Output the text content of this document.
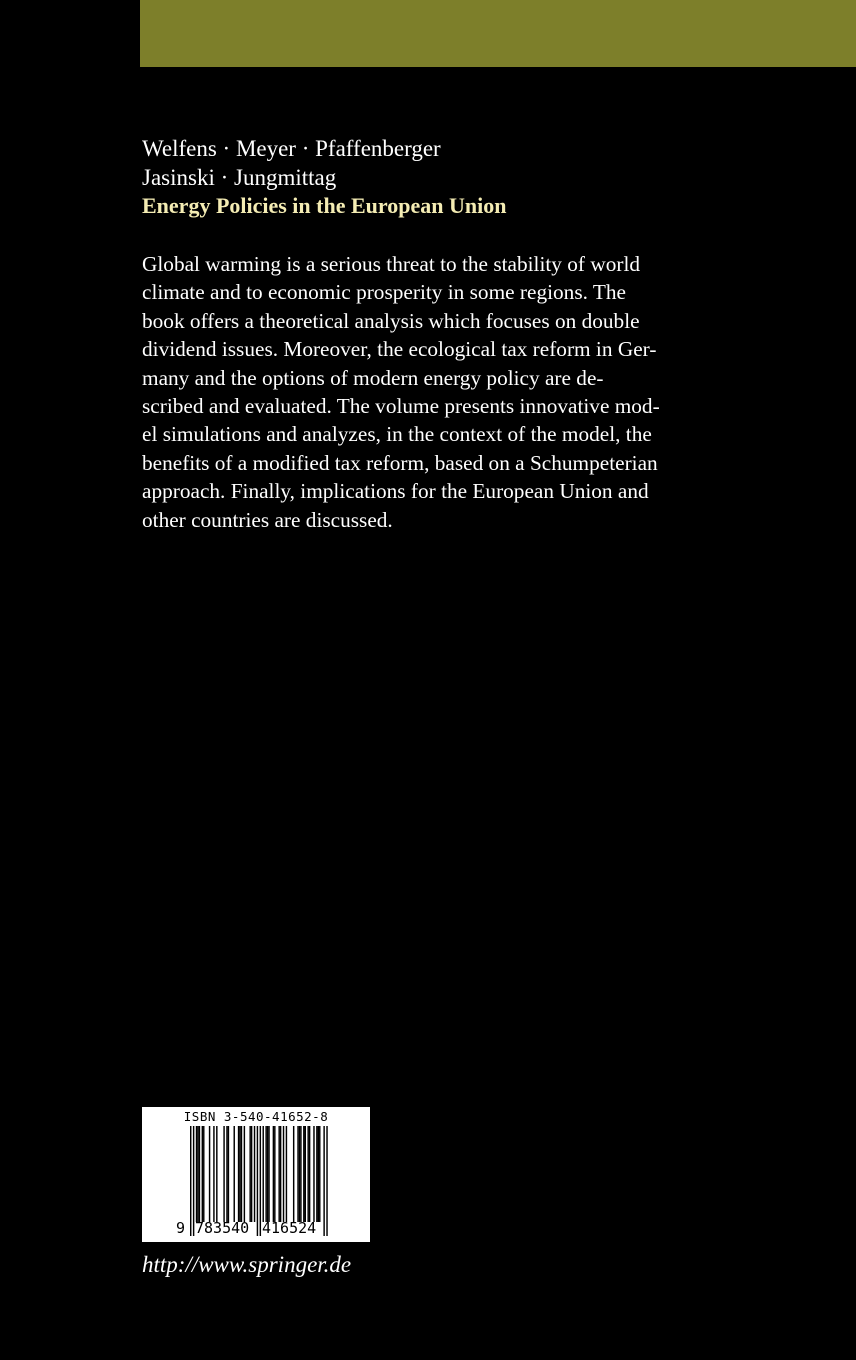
Welfens · Meyer · Pfaffenberger
Jasinski · Jungmittag
Energy Policies in the European Union
Global warming is a serious threat to the stability of world
climate and to economic prosperity in some regions. The
book offers a theoretical analysis which focuses on double
dividend issues. Moreover, the ecological tax reform in Ger-
many and the options of modern energy policy are de-
scribed and evaluated. The volume presents innovative mod-
el simulations and analyzes, in the context of the model, the
benefits of a modified tax reform, based on a Schumpeterian
approach. Finally, implications for the European Union and
other countries are discussed.
ISBN 3-540-41652-8
9 783540 416524
http://www.springer.de
